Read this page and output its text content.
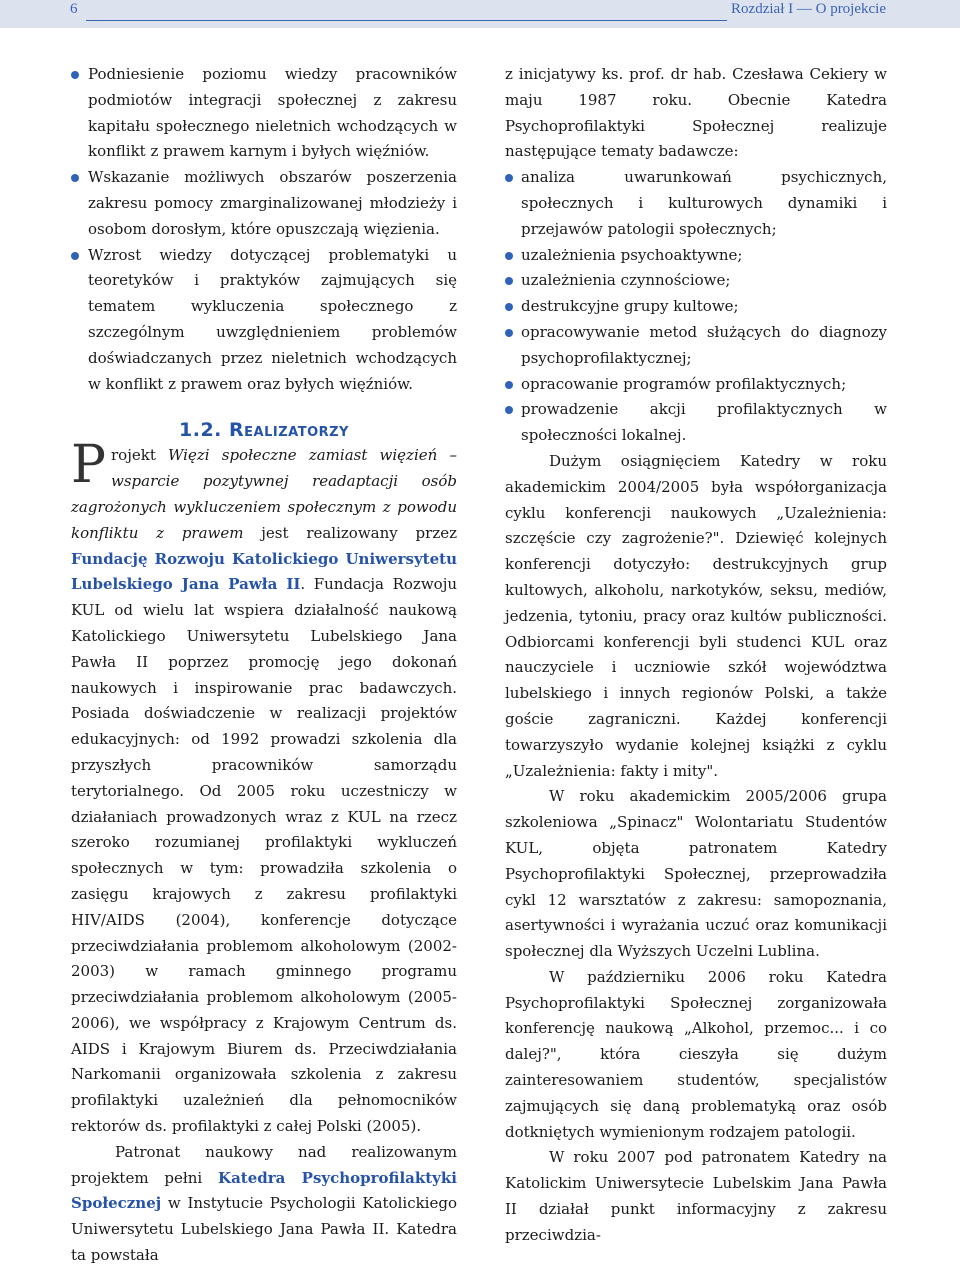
6	Rozdział I — O projekcie
Podniesienie poziomu wiedzy pracowników podmiotów integracji społecznej z zakresu kapitału społecznego nieletnich wchodzących w konflikt z prawem karnym i byłych więźniów.
Wskazanie możliwych obszarów poszerzenia zakresu pomocy zmarginalizowanej młodzieży i osobom dorosłym, które opuszczają więzienia.
Wzrost wiedzy dotyczącej problematyki u teoretyków i praktyków zajmujących się tematem wykluczenia społecznego z szczególnym uwzględnieniem problemów doświadczanych przez nieletnich wchodzących w konflikt z prawem oraz byłych więźniów.
1.2. Realizatorzy

Projekt Więzi społeczne zamiast więzień – wsparcie pozytywnej readaptacji osób zagrożonych wykluczeniem społecznym z powodu konfliktu z prawem jest realizowany przez Fundację Rozwoju Katolickiego Uniwersytetu Lubelskiego Jana Pawła II. Fundacja Rozwoju KUL od wielu lat wspiera działalność naukową Katolickiego Uniwersytetu Lubelskiego Jana Pawła II poprzez promocję jego dokonań naukowych i inspirowanie prac badawczych. Posiada doświadczenie w realizacji projektów edukacyjnych: od 1992 prowadzi szkolenia dla przyszłych pracowników samorządu terytorialnego. Od 2005 roku uczestniczy w działaniach prowadzonych wraz z KUL na rzecz szeroko rozumianej profilaktyki wykluczeń społecznych w tym: prowadziła szkolenia o zasięgu krajowych z zakresu profilaktyki HIV/AIDS (2004), konferencje dotyczące przeciwdziałania problemom alkoholowym (2002-2003) w ramach gminnego programu przeciwdziałania problemom alkoholowym (2005-2006), we współpracy z Krajowym Centrum ds. AIDS i Krajowym Biurem ds. Przeciwdziałania Narkomanii organizowała szkolenia z zakresu profilaktyki uzależnień dla pełnomocników rektorów ds. profilaktyki z całej Polski (2005).

Patronat naukowy nad realizowanym projektem pełni Katedra Psychoprofilaktyki Społecznej w Instytucie Psychologii Katolickiego Uniwersytetu Lubelskiego Jana Pawła II. Katedra ta powstała

z inicjatywy ks. prof. dr hab. Czesława Cekiery w maju 1987 roku. Obecnie Katedra Psychoprofilaktyki Społecznej realizuje następujące tematy badawcze:

analiza uwarunkowań psychicznych, społecznych i kulturowych dynamiki i przejawów patologii społecznych;
uzależnienia psychoaktywne;
uzależnienia czynnościowe;
destrukcyjne grupy kultowe;
opracowywanie metod służących do diagnozy psychoprofilaktycznej;
opracowanie programów profilaktycznych;
prowadzenie akcji profilaktycznych w społeczności lokalnej.

Dużym osiągnięciem Katedry w roku akademickim 2004/2005 była współorganizacja cyklu konferencji naukowych „Uzależnienia: szczęście czy zagrożenie?". Dziewięć kolejnych konferencji dotyczyło: destrukcyjnych grup kultowych, alkoholu, narkotyków, seksu, mediów, jedzenia, tytoniu, pracy oraz kultów publiczności. Odbiorcami konferencji byli studenci KUL oraz nauczyciele i uczniowie szkół województwa lubelskiego i innych regionów Polski, a także goście zagraniczni. Każdej konferencji towarzyszyło wydanie kolejnej książki z cyklu „Uzależnienia: fakty i mity".

W roku akademickim 2005/2006 grupa szkoleniowa „Spinacz" Wolontariatu Studentów KUL, objęta patronatem Katedry Psychoprofilaktyki Społecznej, przeprowadziła cykl 12 warsztatów z zakresu: samopoznania, asertywności i wyrażania uczuć oraz komunikacji społecznej dla Wyższych Uczelni Lublina.

W październiku 2006 roku Katedra Psychoprofilaktyki Społecznej zorganizowała konferencję naukową „Alkohol, przemoc... i co dalej?", która cieszyła się dużym zainteresowaniem studentów, specjalistów zajmujących się daną problematyką oraz osób dotkniętych wymienionym rodzajem patologii.

W roku 2007 pod patronatem Katedry na Katolickim Uniwersytecie Lubelskim Jana Pawła II działał punkt informacyjny z zakresu przeciwdzia-
